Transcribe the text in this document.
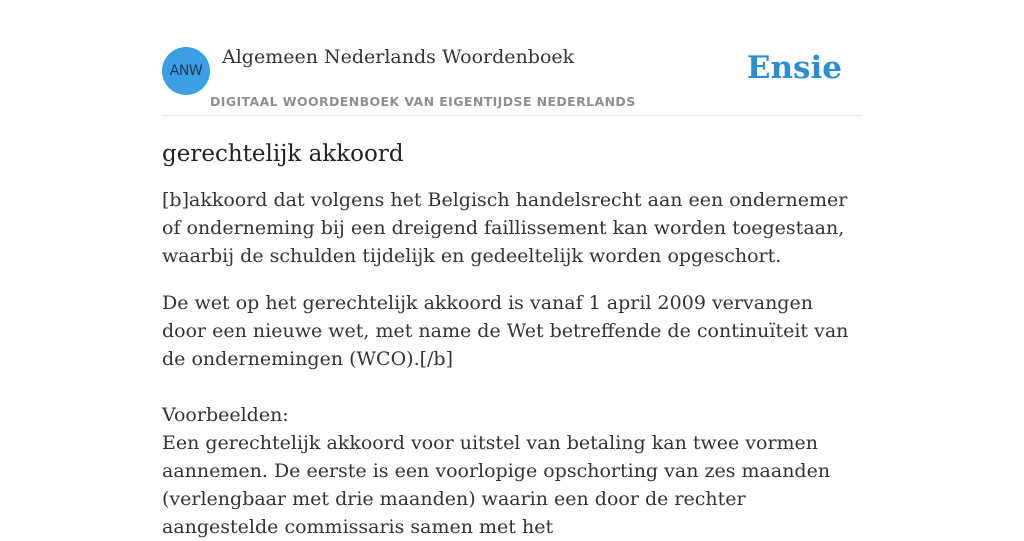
ANW
Algemeen Nederlands Woordenboek
DIGITAAL WOORDENBOEK VAN EIGENTIJDSE NEDERLANDS
Ensie
gerechtelijk akkoord

[b]akkoord dat volgens het Belgisch handelsrecht aan een ondernemer of onderneming bij een dreigend faillissement kan worden toegestaan, waarbij de schulden tijdelijk en gedeeltelijk worden opgeschort.

De wet op het gerechtelijk akkoord is vanaf 1 april 2009 vervangen door een nieuwe wet, met name de Wet betreffende de continuïteit van de ondernemingen (WCO).[/b]

Voorbeelden:
Een gerechtelijk akkoord voor uitstel van betaling kan twee vormen aannemen. De eerste is een voorlopige opschorting van zes maanden (verlengbaar met drie maanden) waarin een door de rechter aangestelde commissaris samen met het
